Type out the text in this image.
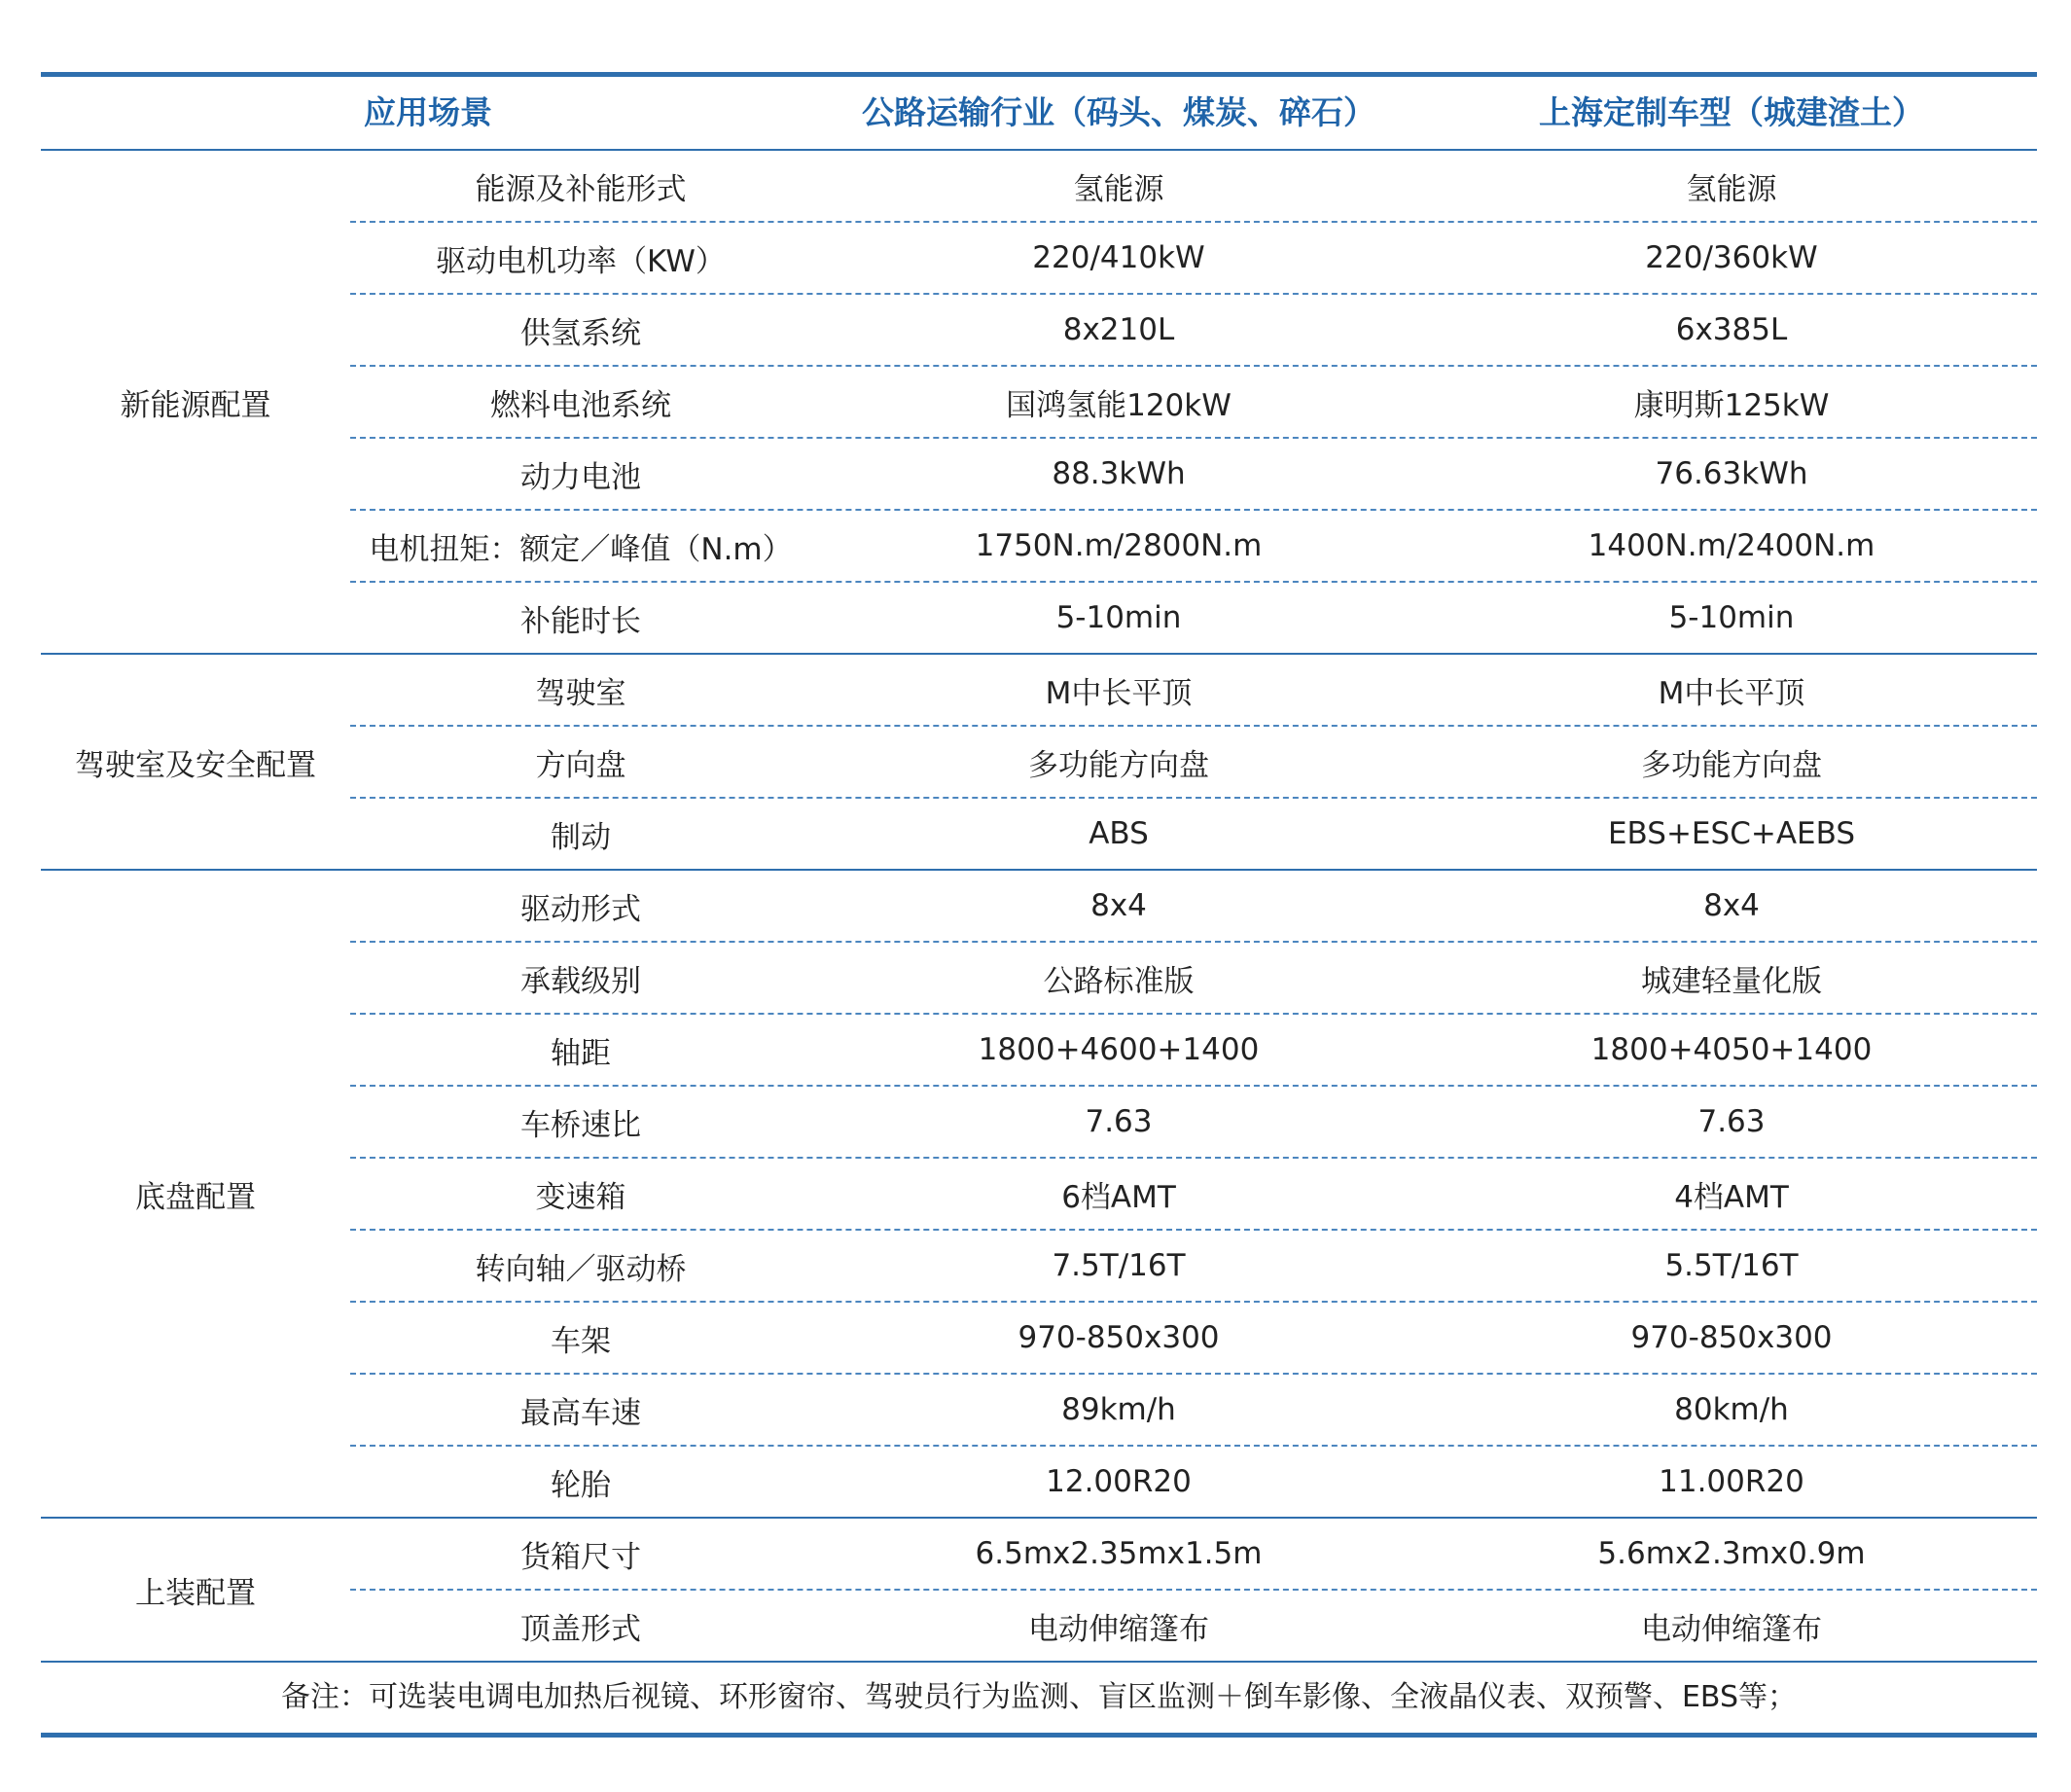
应用场景	公路运输行业（码头、煤炭、碎石）	上海定制车型（城建渣土）
新能源配置
能源及补能形式	氢能源	氢能源
驱动电机功率（KW）	220/410kW	220/360kW
供氢系统	8x210L	6x385L
燃料电池系统	国鸿氢能120kW	康明斯125kW
动力电池	88.3kWh	76.63kWh
电机扭矩：额定／峰值（N.m）	1750N.m/2800N.m	1400N.m/2400N.m
补能时长	5-10min	5-10min
驾驶室及安全配置
驾驶室	M中长平顶	M中长平顶
方向盘	多功能方向盘	多功能方向盘
制动	ABS	EBS+ESC+AEBS
底盘配置
驱动形式	8x4	8x4
承载级别	公路标准版	城建轻量化版
轴距	1800+4600+1400	1800+4050+1400
车桥速比	7.63	7.63
变速箱	6档AMT	4档AMT
转向轴／驱动桥	7.5T/16T	5.5T/16T
车架	970-850x300	970-850x300
最高车速	89km/h	80km/h
轮胎	12.00R20	11.00R20
上装配置
货箱尺寸	6.5mx2.35mx1.5m	5.6mx2.3mx0.9m
顶盖形式	电动伸缩篷布	电动伸缩篷布
备注：可选装电调电加热后视镜、环形窗帘、驾驶员行为监测、盲区监测＋倒车影像、全液晶仪表、双预警、EBS等；
